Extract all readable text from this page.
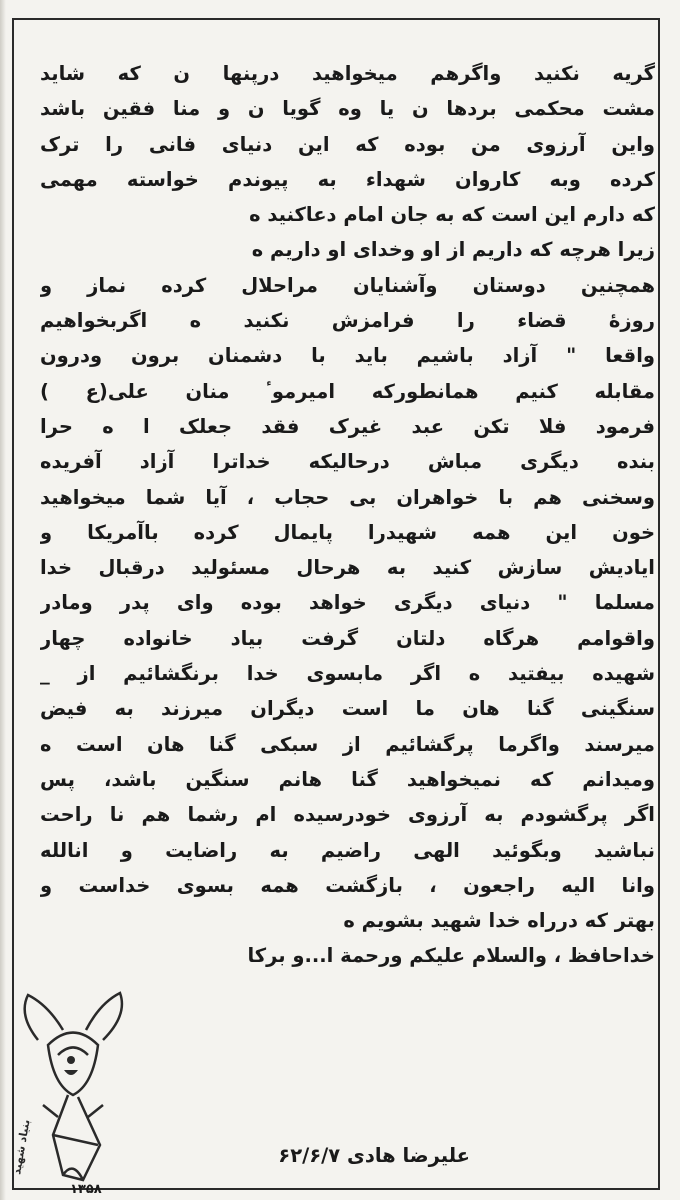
گریه نکنید واگرهم میخواهید درپنها ن که شاید
مشت محکمی بردها ن یا وه گویا ن و منا فقین باشد
واین آرزوی من بوده که این دنیای فانی را ترک
کرده وبه کاروان شهداء به پیوندم خواسته مهمی
که دارم این است که به جان امام دعاکنید ه
زیرا هرچه که داریم از او وخدای او داریم ه
همچنین دوستان وآشنایان مراحلال کرده نماز و
روزهٔ قضاء را فرامزش نکنید ه اگربخواهیم
واقعا " آزاد باشیم باید با دشمنان برون ودرون
مقابله کنیم همانطورکه امیرموٴ منان علی(ع )
فرمود فلا تکن عبد غیرک فقد جعلک ا ه حرا
بنده دیگری مباش درحالیکه خداترا آزاد آفریده
وسخنی هم با خواهران بی حجاب ، آیا شما میخواهید
خون این همه شهیدرا پایمال کرده باآمریکا و
ایادیش سازش کنید به هرحال مسئولید درقبال خدا
مسلما " دنیای دیگری خواهد بوده وای پدر ومادر
واقوامم هرگاه دلتان گرفت بیاد خانواده چهار
شهیده بیفتید ه اگر مابسوی خدا برنگشائیم از _
سنگینی گنا هان ما است دیگران میرزند به فیض
میرسند واگرما پرگشائیم از سبکی گنا هان است ه
ومیدانم که نمیخواهید گنا هانم سنگین باشد، پس
اگر پرگشودم به آرزوی خودرسیده ام رشما هم نا راحت
نباشید وبگوئید الهی راضیم به راضایت و انالله
وانا الیه راجعون ، بازگشت همه بسوی خداست و
بهتر که درراه خدا شهید بشویم ه
خداحافظ ، والسلام علیکم ورحمة ا...و برکا
بنیاد شهید
۱۳۵۸
علیرضا هادی ۶۲/۶/۷
